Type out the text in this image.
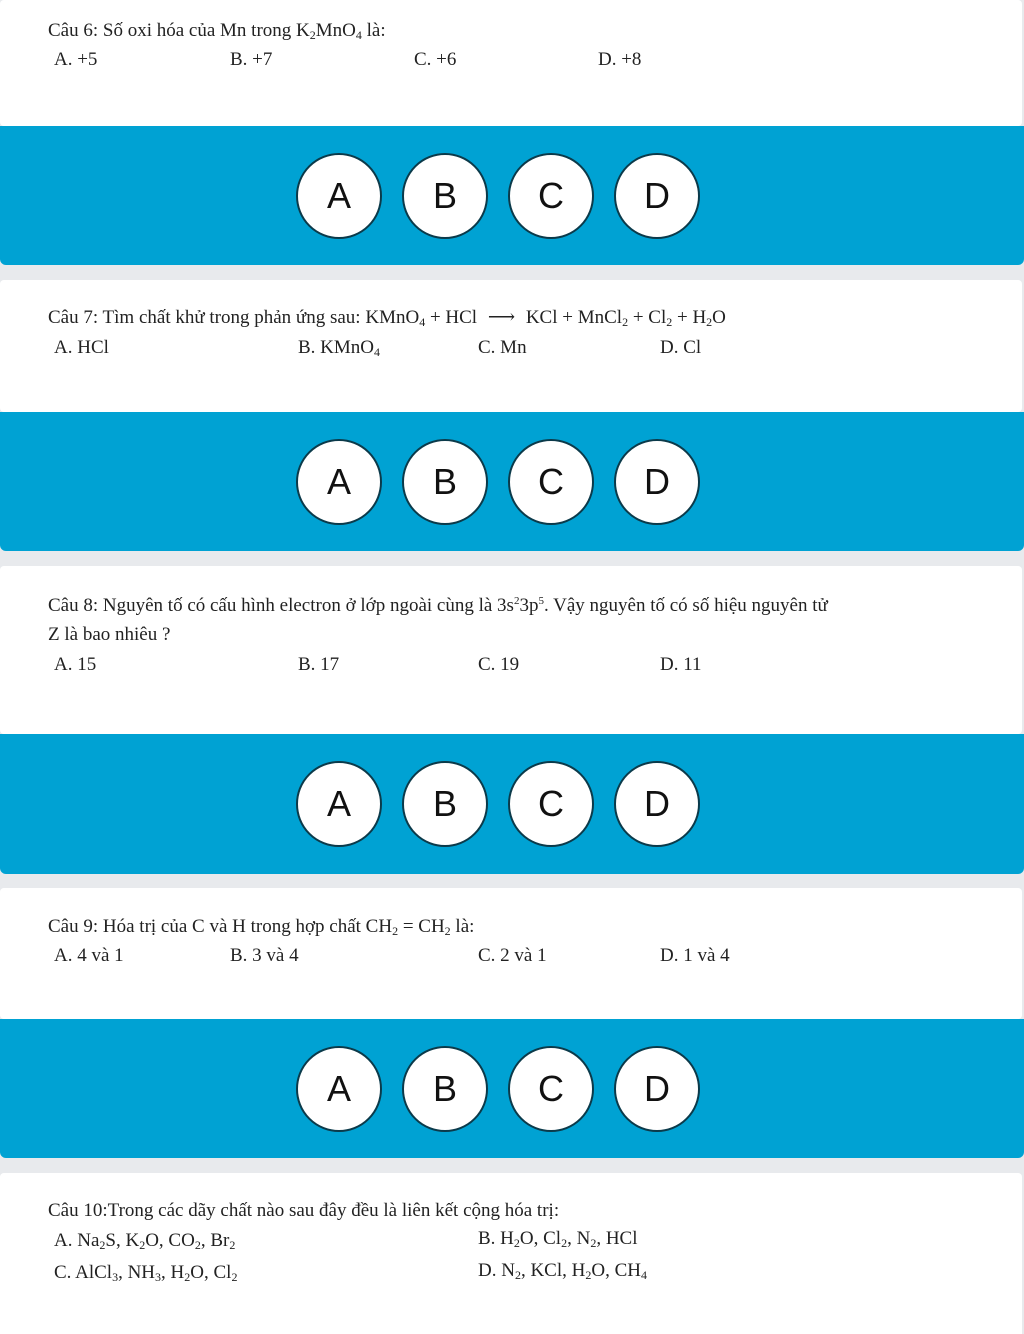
Câu 6: Số oxi hóa của Mn trong $K_2MnO_4$ là:
A. +5	B. +7	C. +6	D. +8
A	B	C	D
Câu 7: Tìm chất khử trong phản ứng sau: KMnO$_4$ + HCl ⟶ KCl + MnCl$_2$ + $Cl_2 + H_2O$
A. HCl	B. KMnO$_4$	C. Mn	D. Cl
A	B	C	D
Câu 8: Nguyên tố có cấu hình electron ở lớp ngoài cùng là $3s^23p^5$. Vậy nguyên tố có số hiệu nguyên tử
Z là bao nhiêu ?
A. 15	B. 17	C. 19	D. 11
A	B	C	D
Câu 9: Hóa trị của C và H trong hợp chất $CH_2 = CH_2$ là:
A. 4 và 1	B. 3 và 4	C. 2 và 1	D. 1 và 4
A	B	C	D
Câu 10:Trong các dãy chất nào sau đây đều là liên kết cộng hóa trị:
A. $Na_2S$, $K_2O$, $CO_2$, $Br_2$	B. $H_2O$, $Cl_2$, $N_2$, HCl
C. AlCl$_3$, $NH_3$, $H_2O$, $Cl_2$	D. $N_2$, KCl, $H_2O$, $CH_4$
